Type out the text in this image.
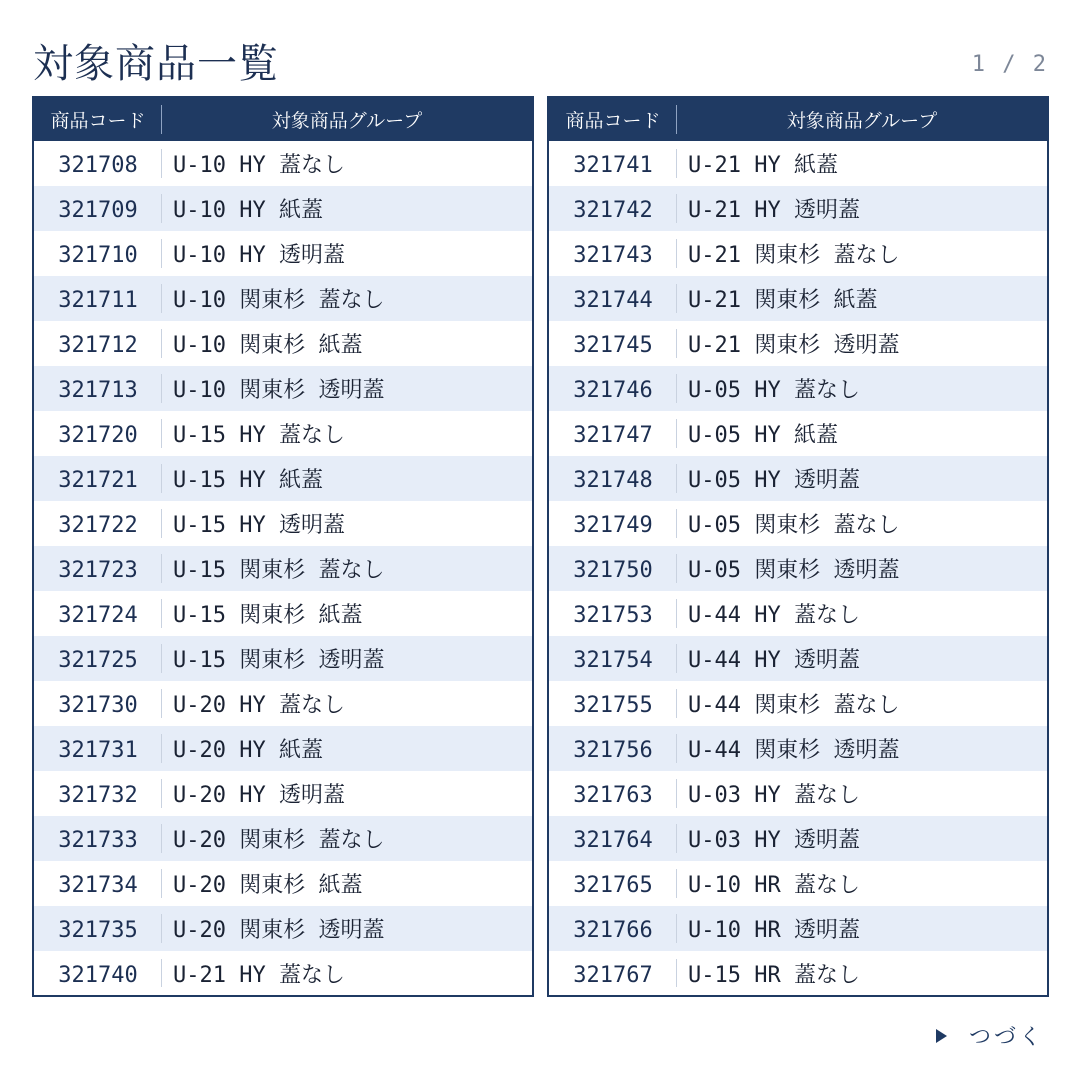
対象商品一覧	1 / 2
商品コード	対象商品グループ
321708	U-10 HY 蓋なし
321709	U-10 HY 紙蓋
321710	U-10 HY 透明蓋
321711	U-10 関東杉 蓋なし
321712	U-10 関東杉 紙蓋
321713	U-10 関東杉 透明蓋
321720	U-15 HY 蓋なし
321721	U-15 HY 紙蓋
321722	U-15 HY 透明蓋
321723	U-15 関東杉 蓋なし
321724	U-15 関東杉 紙蓋
321725	U-15 関東杉 透明蓋
321730	U-20 HY 蓋なし
321731	U-20 HY 紙蓋
321732	U-20 HY 透明蓋
321733	U-20 関東杉 蓋なし
321734	U-20 関東杉 紙蓋
321735	U-20 関東杉 透明蓋
321740	U-21 HY 蓋なし
商品コード	対象商品グループ
321741	U-21 HY 紙蓋
321742	U-21 HY 透明蓋
321743	U-21 関東杉 蓋なし
321744	U-21 関東杉 紙蓋
321745	U-21 関東杉 透明蓋
321746	U-05 HY 蓋なし
321747	U-05 HY 紙蓋
321748	U-05 HY 透明蓋
321749	U-05 関東杉 蓋なし
321750	U-05 関東杉 透明蓋
321753	U-44 HY 蓋なし
321754	U-44 HY 透明蓋
321755	U-44 関東杉 蓋なし
321756	U-44 関東杉 透明蓋
321763	U-03 HY 蓋なし
321764	U-03 HY 透明蓋
321765	U-10 HR 蓋なし
321766	U-10 HR 透明蓋
321767	U-15 HR 蓋なし
つづく
